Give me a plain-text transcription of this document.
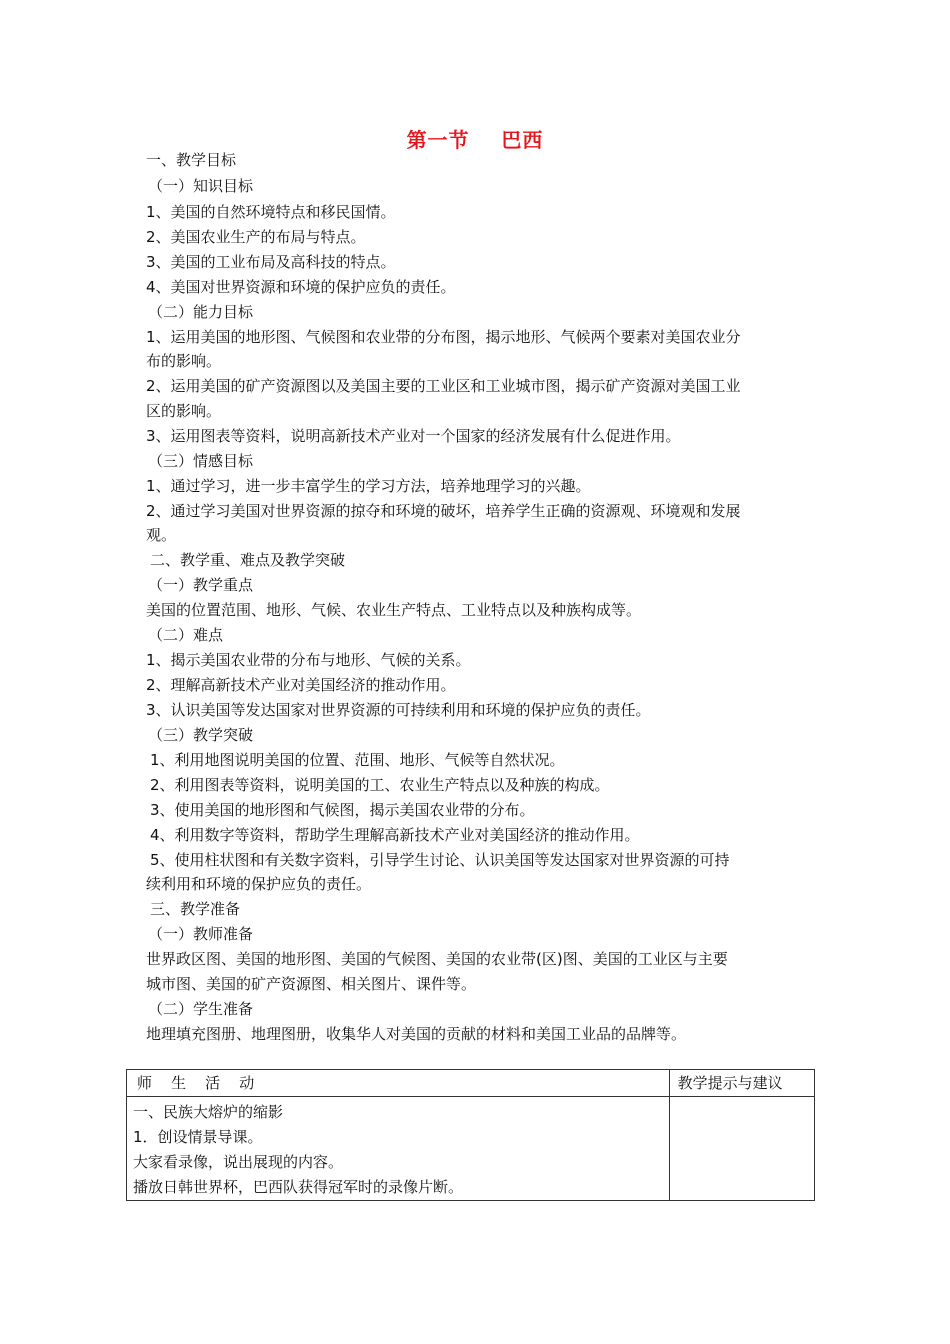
第一节    巴西
一、教学目标
（一）知识目标
1、美国的自然环境特点和移民国情。
2、美国农业生产的布局与特点。
3、美国的工业布局及高科技的特点。
4、美国对世界资源和环境的保护应负的责任。
（二）能力目标
1、运用美国的地形图、气候图和农业带的分布图，揭示地形、气候两个要素对美国农业分
布的影响。
2、运用美国的矿产资源图以及美国主要的工业区和工业城市图，揭示矿产资源对美国工业
区的影响。
3、运用图表等资料，说明高新技术产业对一个国家的经济发展有什么促进作用。
（三）情感目标
1、通过学习，进一步丰富学生的学习方法，培养地理学习的兴趣。
2、通过学习美国对世界资源的掠夺和环境的破坏，培养学生正确的资源观、环境观和发展
观。
二、教学重、难点及教学突破
（一）教学重点
美国的位置范围、地形、气候、农业生产特点、工业特点以及种族构成等。
（二）难点
1、揭示美国农业带的分布与地形、气候的关系。
2、理解高新技术产业对美国经济的推动作用。
3、认识美国等发达国家对世界资源的可持续利用和环境的保护应负的责任。
（三）教学突破
1、利用地图说明美国的位置、范围、地形、气候等自然状况。
2、利用图表等资料，说明美国的工、农业生产特点以及种族的构成。
3、使用美国的地形图和气候图，揭示美国农业带的分布。
4、利用数字等资料，帮助学生理解高新技术产业对美国经济的推动作用。
5、使用柱状图和有关数字资料，引导学生讨论、认识美国等发达国家对世界资源的可持
续利用和环境的保护应负的责任。
三、教学准备
（一）教师准备
世界政区图、美国的地形图、美国的气候图、美国的农业带(区)图、美国的工业区与主要
城市图、美国的矿产资源图、相关图片、课件等。
（二）学生准备
地理填充图册、地理图册，收集华人对美国的贡献的材料和美国工业品的品牌等。
师    生    活    动	教学提示与建议

一、民族大熔炉的缩影
1．创设情景导课。
大家看录像，说出展现的内容。
播放日韩世界杯，巴西队获得冠军时的录像片断。	
